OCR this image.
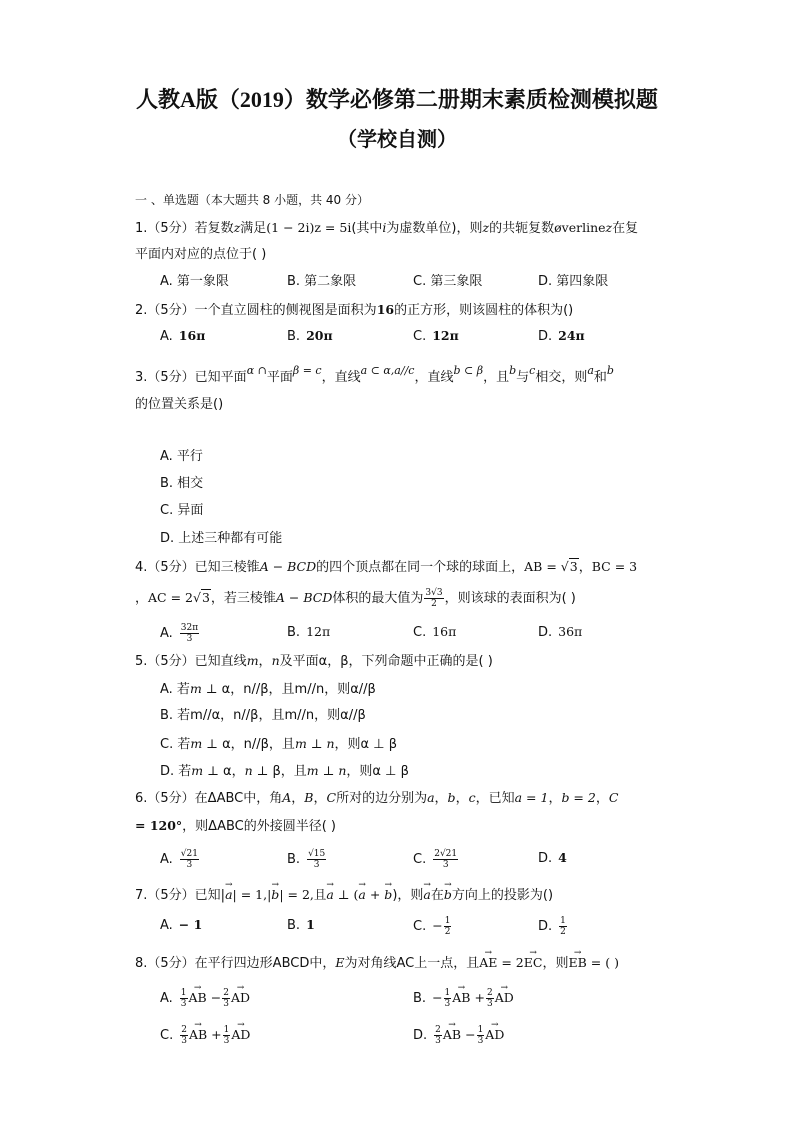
人教A版（2019）数学必修第二册期末素质检测模拟题
（学校自测）
一 、单选题（本大题共 8 小题，共 40 分）
1.（5分）若复数z满足(1 − 2i)z = 5i(其中i为虚数单位)，则z的共轭复数øverlinez在复
平面内对应的点位于( )
A. 第一象限	B. 第二象限	C. 第三象限	D. 第四象限
2.（5分）一个直立圆柱的侧视图是面积为16的正方形，则该圆柱的体积为()
A. 16π	B. 20π	C. 12π	D. 24π
3.（5分）已知平面$^{\alpha \cap}$平面$^{\beta = c}$，直线$^{a \subset \alpha,a//c}$，直线$^{b \subset \beta}$，且$^b$与$^c$相交，则$^a$和$^b$
的位置关系是()
A. 平行
B. 相交
C. 异面
D. 上述三种都有可能
4.（5分）已知三棱锥A − BCD的四个顶点都在同一个球的球面上，AB = √3，BC = 3
，AC = 2√3，若三棱锥A − BCD体积的最大值为 $\frac{3√3}{2}$ ，则该球的表面积为( )
A. $\frac{32\pi}{3}$	B. 12π	C. 16π	D. 36π
5.（5分）已知直线m，n及平面α，β，下列命题中正确的是( )
A. 若m ⊥ α，n//β，且m//n，则α//β
B. 若m//α，n//β，且m//n，则α//β
C. 若m ⊥ α，n//β，且m ⊥ n，则α ⊥ β
D. 若m ⊥ α，n ⊥ β，且m ⊥ n，则α ⊥ β
6.（5分）在ΔABC中，角A，B，C所对的边分别为a，b，c，已知a = 1，b = 2，C
= 120°，则ΔABC的外接圆半径( )
A. $\frac{√21}{3}$	B. $\frac{√15}{3}$	C. $\frac{2√21}{3}$	D. 4
7.（5分）已知|→ a| = 1,|→ b| = 2,且→ a ⊥ (→ a + → b)，则→ a在→ b方向上的投影为()
A. − 1	B. 1	C. − $\frac{1}{2}$	D. $\frac{1}{2}$
8.（5分）在平行四边形ABCD中，E为对角线AC上一点，且→ AE = 2→ EC，则→ EB = ( )
A. $\frac{1}{3}$ → AB − $\frac{2}{3}$ → AD	B. − $\frac{1}{3}$ → AB + $\frac{2}{3}$ → AD
C. $\frac{2}{3}$ → AB + $\frac{1}{3}$ → AD	D. $\frac{2}{3}$ → AB − $\frac{1}{3}$ → AD
